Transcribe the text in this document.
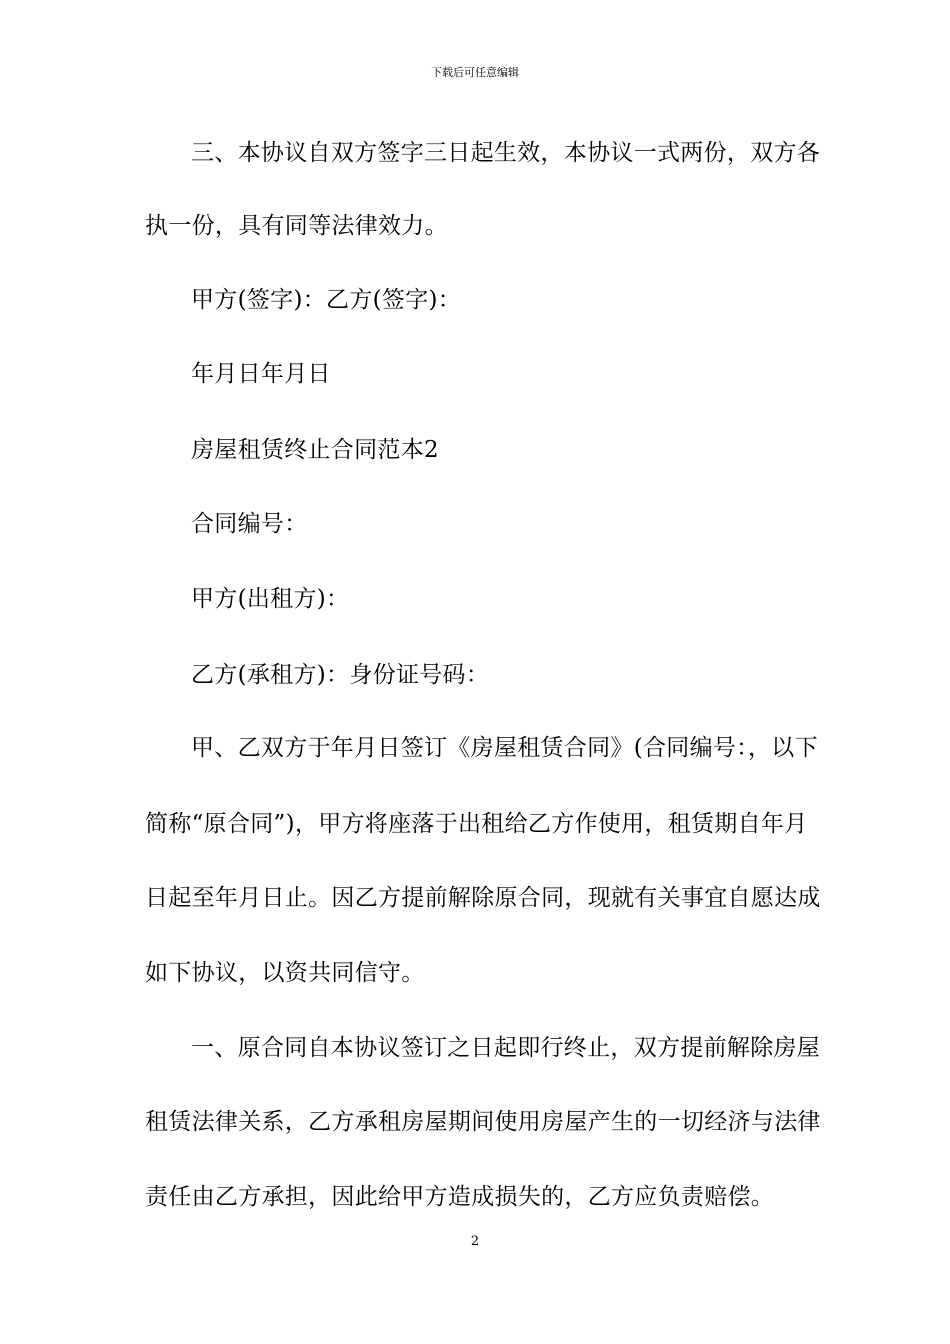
下载后可任意编辑
三、本协议自双方签字三日起生效，本协议一式两份，双方各
执一份，具有同等法律效力。
甲方(签字)：乙方(签字)：
年月日年月日
房屋租赁终止合同范本2
合同编号：
甲方(出租方)：
乙方(承租方)：身份证号码：
甲、乙双方于年月日签订《房屋租赁合同》(合同编号：，以下
简称“原合同”)，甲方将座落于出租给乙方作使用，租赁期自年月
日起至年月日止。因乙方提前解除原合同，现就有关事宜自愿达成
如下协议，以资共同信守。
一、原合同自本协议签订之日起即行终止，双方提前解除房屋
租赁法律关系，乙方承租房屋期间使用房屋产生的一切经济与法律
责任由乙方承担，因此给甲方造成损失的，乙方应负责赔偿。
2
